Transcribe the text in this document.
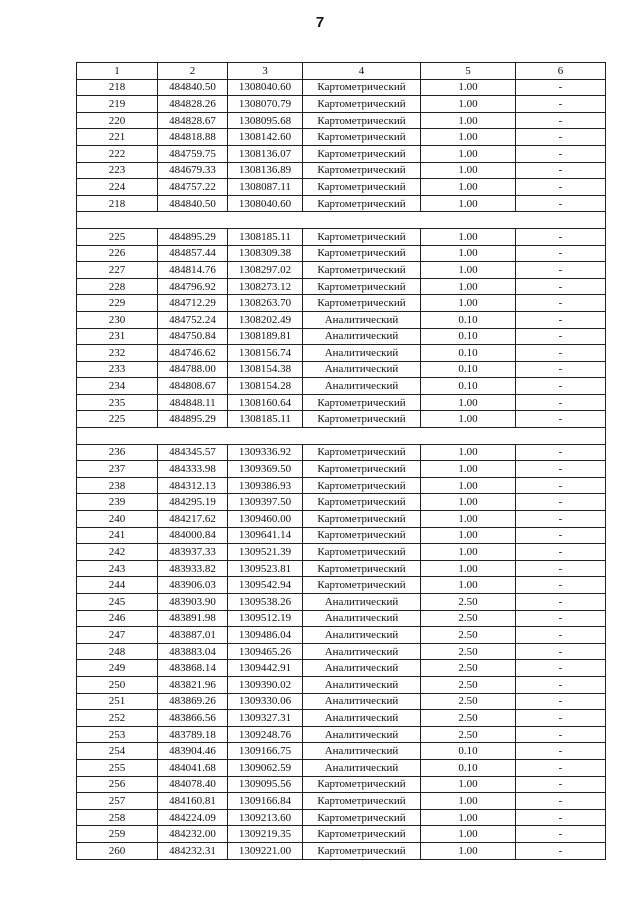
7
1	2	3	4	5	6
218	484840.50	1308040.60	Картометрический	1.00	-
219	484828.26	1308070.79	Картометрический	1.00	-
220	484828.67	1308095.68	Картометрический	1.00	-
221	484818.88	1308142.60	Картометрический	1.00	-
222	484759.75	1308136.07	Картометрический	1.00	-
223	484679.33	1308136.89	Картометрический	1.00	-
224	484757.22	1308087.11	Картометрический	1.00	-
218	484840.50	1308040.60	Картометрический	1.00	-

225	484895.29	1308185.11	Картометрический	1.00	-
226	484857.44	1308309.38	Картометрический	1.00	-
227	484814.76	1308297.02	Картометрический	1.00	-
228	484796.92	1308273.12	Картометрический	1.00	-
229	484712.29	1308263.70	Картометрический	1.00	-
230	484752.24	1308202.49	Аналитический	0.10	-
231	484750.84	1308189.81	Аналитический	0.10	-
232	484746.62	1308156.74	Аналитический	0.10	-
233	484788.00	1308154.38	Аналитический	0.10	-
234	484808.67	1308154.28	Аналитический	0.10	-
235	484848.11	1308160.64	Картометрический	1.00	-
225	484895.29	1308185.11	Картометрический	1.00	-

236	484345.57	1309336.92	Картометрический	1.00	-
237	484333.98	1309369.50	Картометрический	1.00	-
238	484312.13	1309386.93	Картометрический	1.00	-
239	484295.19	1309397.50	Картометрический	1.00	-
240	484217.62	1309460.00	Картометрический	1.00	-
241	484000.84	1309641.14	Картометрический	1.00	-
242	483937.33	1309521.39	Картометрический	1.00	-
243	483933.82	1309523.81	Картометрический	1.00	-
244	483906.03	1309542.94	Картометрический	1.00	-
245	483903.90	1309538.26	Аналитический	2.50	-
246	483891.98	1309512.19	Аналитический	2.50	-
247	483887.01	1309486.04	Аналитический	2.50	-
248	483883.04	1309465.26	Аналитический	2.50	-
249	483868.14	1309442.91	Аналитический	2.50	-
250	483821.96	1309390.02	Аналитический	2.50	-
251	483869.26	1309330.06	Аналитический	2.50	-
252	483866.56	1309327.31	Аналитический	2.50	-
253	483789.18	1309248.76	Аналитический	2.50	-
254	483904.46	1309166.75	Аналитический	0.10	-
255	484041.68	1309062.59	Аналитический	0.10	-
256	484078.40	1309095.56	Картометрический	1.00	-
257	484160.81	1309166.84	Картометрический	1.00	-
258	484224.09	1309213.60	Картометрический	1.00	-
259	484232.00	1309219.35	Картометрический	1.00	-
260	484232.31	1309221.00	Картометрический	1.00	-
